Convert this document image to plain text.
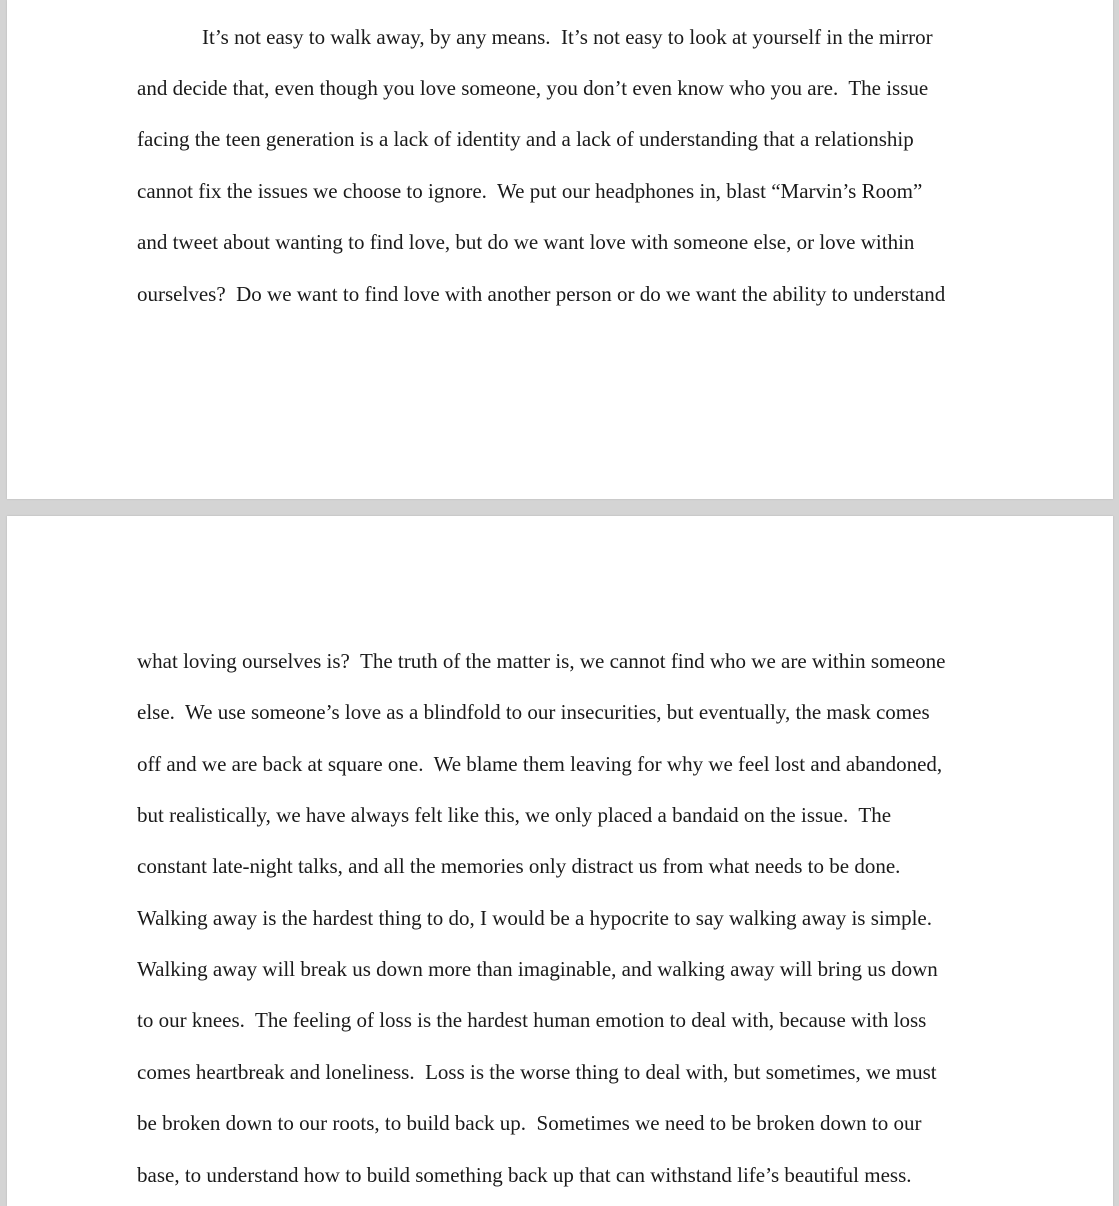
It’s not easy to walk away, by any means.  It’s not easy to look at yourself in the mirror

and decide that, even though you love someone, you don’t even know who you are.  The issue

facing the teen generation is a lack of identity and a lack of understanding that a relationship

cannot fix the issues we choose to ignore.  We put our headphones in, blast “Marvin’s Room”

and tweet about wanting to find love, but do we want love with someone else, or love within

ourselves?  Do we want to find love with another person or do we want the ability to understand

what loving ourselves is?  The truth of the matter is, we cannot find who we are within someone

else.  We use someone’s love as a blindfold to our insecurities, but eventually, the mask comes

off and we are back at square one.  We blame them leaving for why we feel lost and abandoned,

but realistically, we have always felt like this, we only placed a bandaid on the issue.  The

constant late-night talks, and all the memories only distract us from what needs to be done.

Walking away is the hardest thing to do, I would be a hypocrite to say walking away is simple.

Walking away will break us down more than imaginable, and walking away will bring us down

to our knees.  The feeling of loss is the hardest human emotion to deal with, because with loss

comes heartbreak and loneliness.  Loss is the worse thing to deal with, but sometimes, we must

be broken down to our roots, to build back up.  Sometimes we need to be broken down to our

base, to understand how to build something back up that can withstand life’s beautiful mess.
